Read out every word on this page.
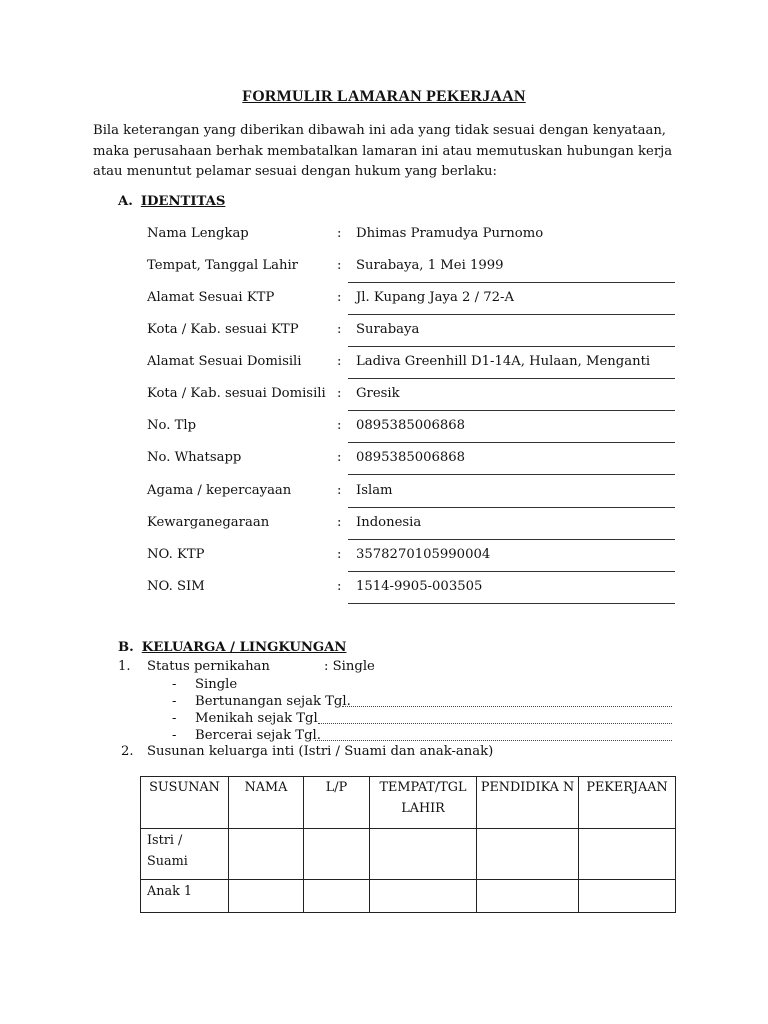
FORMULIR LAMARAN PEKERJAAN
Bila keterangan yang diberikan dibawah ini ada yang tidak sesuai dengan kenyataan, maka perusahaan berhak membatalkan lamaran ini atau memutuskan hubungan kerja atau menuntut pelamar sesuai dengan hukum yang berlaku:
A. IDENTITAS
Nama Lengkap	: Dhimas Pramudya Purnomo
Tempat, Tanggal Lahir	: Surabaya, 1 Mei 1999
Alamat Sesuai KTP	: Jl. Kupang Jaya 2 / 72-A
Kota / Kab. sesuai KTP	: Surabaya
Alamat Sesuai Domisili	: Ladiva Greenhill D1-14A, Hulaan, Menganti
Kota / Kab. sesuai Domisili : Gresik
No. Tlp	: 0895385006868
No. Whatsapp	: 0895385006868
Agama / kepercayaan	: Islam
Kewarganegaraan	: Indonesia
NO. KTP	: 3578270105990004
NO. SIM	: 1514-9905-003505
B. KELUARGA / LINGKUNGAN
1. Status pernikahan	: Single
- Single
- Bertunangan sejak Tgl.
- Menikah sejak Tgl
- Bercerai sejak Tgl.
2. Susunan keluarga inti (Istri / Suami dan anak-anak)
SUSUNAN	NAMA	L/P	TEMPAT/TGL LAHIR	PENDIDIKA N	PEKERJAAN
Istri / Suami					
Anak 1					
